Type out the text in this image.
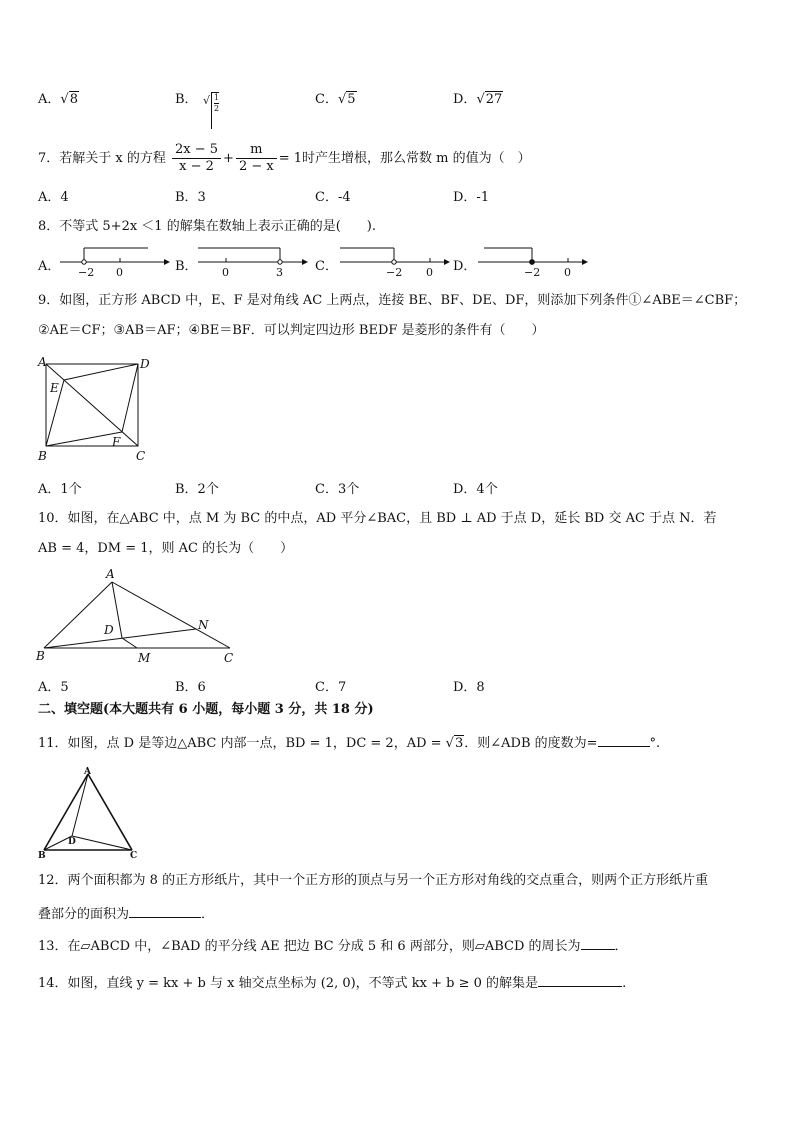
A．√8	B． √ 1
2
C．√5	D．√27
7．若解关于 x 的方程 $\frac{2x - 5}{x - 2} + \frac{m}{2 - x} = 1$时产生增根，那么常数 m 的值为（　）
A．4	B．3	C．-4	D．-1
8．不等式 5+2x ＜1 的解集在数轴上表示正确的是(　　).
A． −2 0	B． 0	3 C．	−2 0 D．	−2 0
9．如图，正方形 ABCD 中，E、F 是对角线 AC 上两点，连接 BE、BF、DE、DF，则添加下列条件①∠ABE＝∠CBF；
②AE＝CF；③AB＝AF；④BE＝BF．可以判定四边形 BEDF 是菱形的条件有（　　）
A	D
E
F
B	C
A．1个	B．2个	C．3个	D．4个
10．如图，在△ABC 中，点 M 为 BC 的中点，AD 平分∠BAC，且 BD ⊥ AD 于点 D，延长 BD 交 AC 于点 N．若
AB = 4，DM = 1，则 AC 的长为（　　）
A
D	N
B	M	C
A．5	B．6	C．7	D．8
二、填空题(本大题共有 6 小题，每小题 3 分，共 18 分)
11．如图，点 D 是等边△ABC 内部一点，BD = 1，DC = 2，AD = √3．则∠ADB 的度数为=	°.
A
D
B	C
12．两个面积都为 8 的正方形纸片，其中一个正方形的顶点与另一个正方形对角线的交点重合，则两个正方形纸片重
叠部分的面积为	．
13．在▱ABCD 中，∠BAD 的平分线 AE 把边 BC 分成 5 和 6 两部分，则▱ABCD 的周长为	．
14．如图，直线 y = kx + b 与 x 轴交点坐标为 (2, 0)，不等式 kx + b ≥ 0 的解集是	.
